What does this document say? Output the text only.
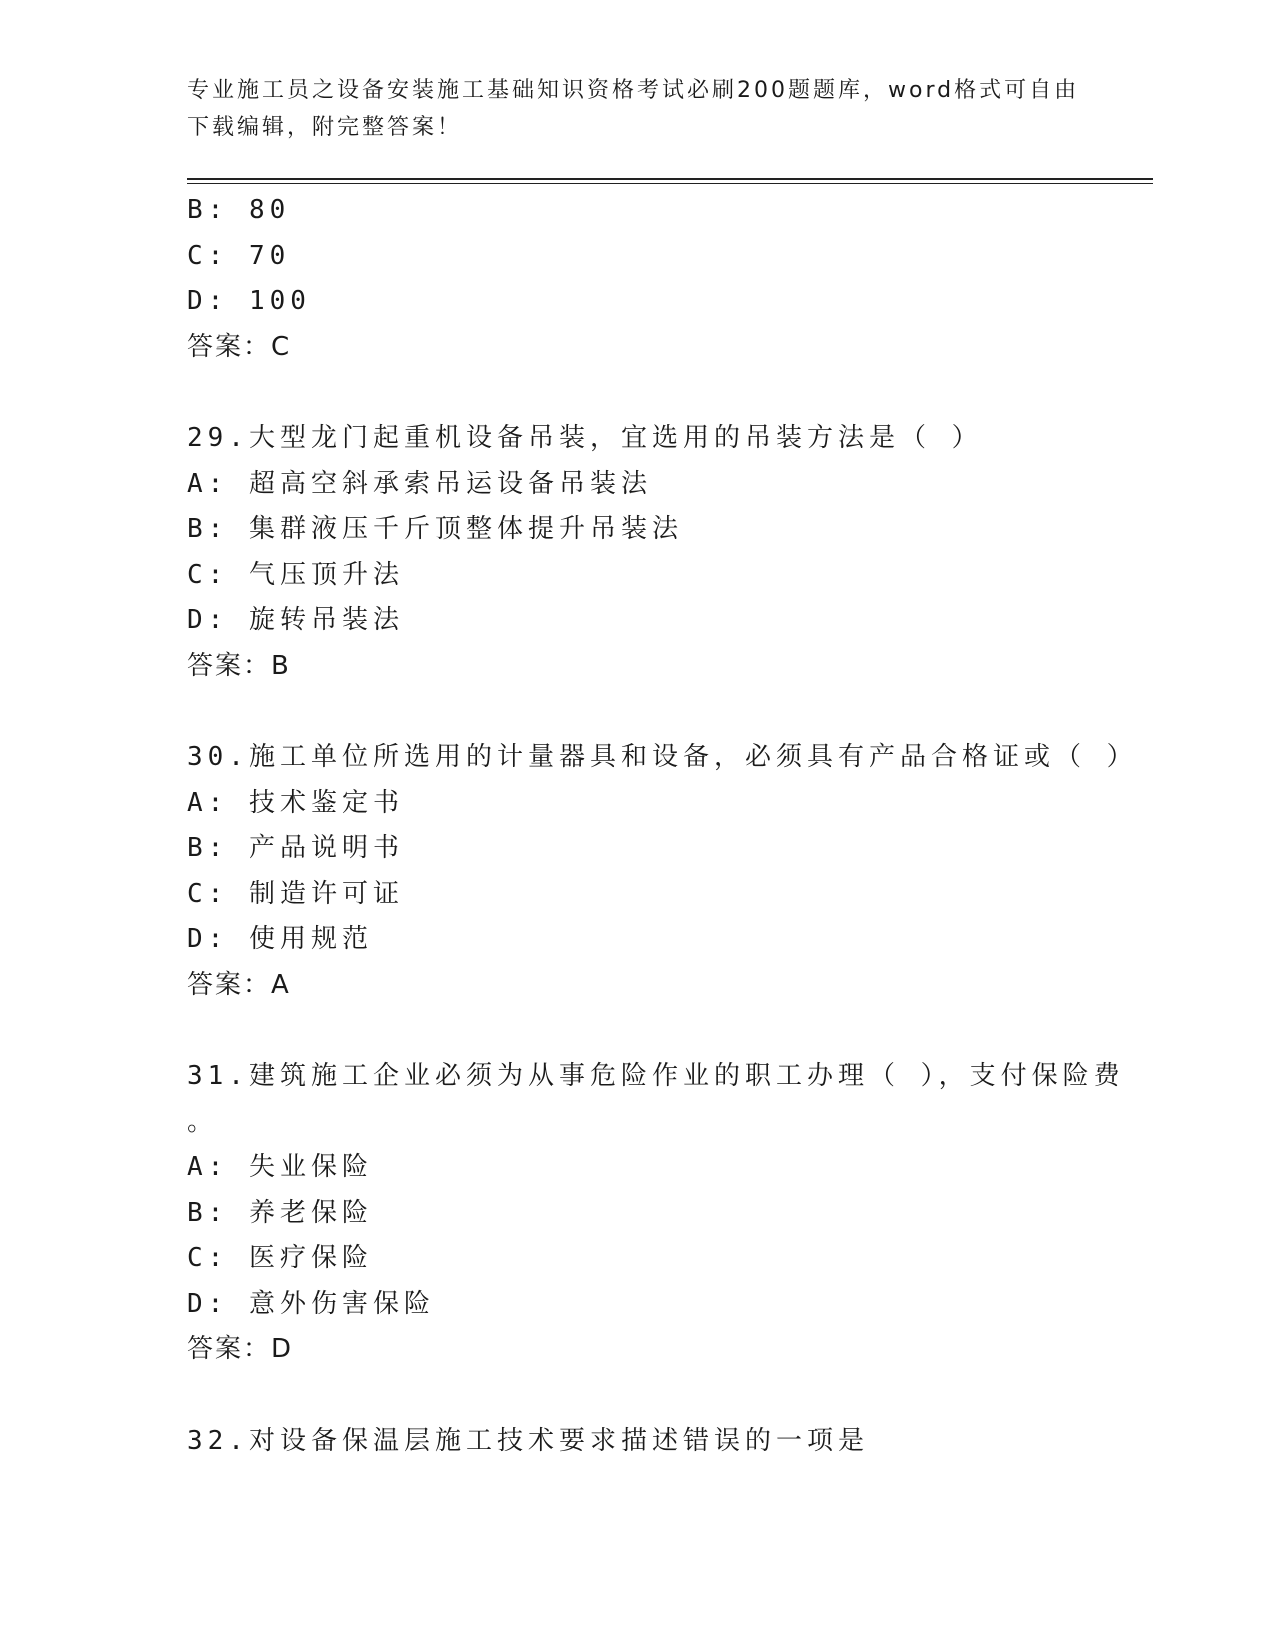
专业施工员之设备安装施工基础知识资格考试必刷200题题库，word格式可自由
下载编辑，附完整答案！
B: 80
C: 70
D: 100
答案：C
29.大型龙门起重机设备吊装，宜选用的吊装方法是（ ）
A: 超高空斜承索吊运设备吊装法
B: 集群液压千斤顶整体提升吊装法
C: 气压顶升法
D: 旋转吊装法
答案：B
30.施工单位所选用的计量器具和设备，必须具有产品合格证或（ ）
A: 技术鉴定书
B: 产品说明书
C: 制造许可证
D: 使用规范
答案：A
31.建筑施工企业必须为从事危险作业的职工办理（ ），支付保险费
。
A: 失业保险
B: 养老保险
C: 医疗保险
D: 意外伤害保险
答案：D
32.对设备保温层施工技术要求描述错误的一项是
